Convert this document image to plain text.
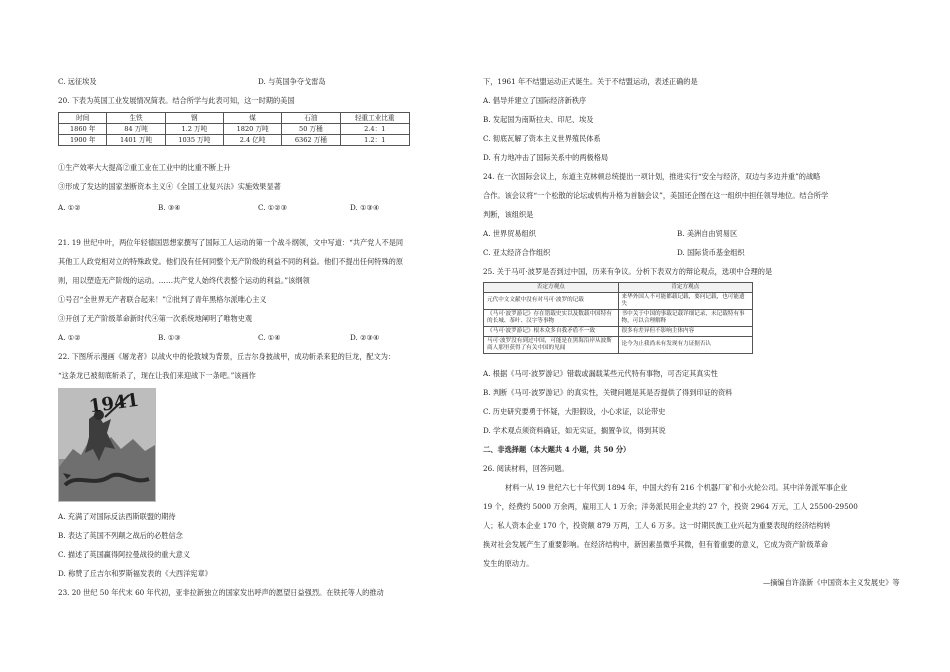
C. 远征埃及	D. 与英国争夺戈雷岛
20. 下表为英国工业发展情况简表。结合所学与此表可知，这一时期的美国
时间	生铁	钢	煤	石油	轻重工业比重
1860 年	84 万吨	1.2 万吨	1820 万吨	50 万桶	2.4：1
1900 年	1401 万吨	1035 万吨	2.4 亿吨	6362 万桶	1.2：1
①生产效率大大提高②重工业在工业中的比重不断上升
③形成了发达的国家垄断资本主义④《全国工业复兴法》实施效果显著
A. ①②	B. ③④	C. ①②③	D. ①③④
21. 19 世纪中叶，两位年轻德国思想家撰写了国际工人运动的第一个战斗纲领，文中写道：“共产党人不是同
其他工人政党相对立的特殊政党。他们没有任何同整个无产阶级的利益不同的利益。他们不提出任何特殊的原
则，用以塑造无产阶级的运动。……共产党人始终代表整个运动的利益。”该纲领
①号召“全世界无产者联合起来！”②批判了青年黑格尔派唯心主义
③开创了无产阶级革命新时代④第一次系统地阐明了唯物史观
A. ①②	B. ①③	C. ①④	D. ②③④
22. 下图所示漫画《屠龙者》以战火中的伦敦城为背景，丘吉尔身披战甲，成功斩杀来犯的巨龙，配文为：
“这条龙已被彻底斩杀了，现在让我们来迎战下一条吧。”该画作
1941
A. 充满了对国际反法西斯联盟的期待
B. 表达了英国不列颠之战后的必胜信念
C. 描述了英国赢得阿拉曼战役的重大意义
D. 称赞了丘吉尔和罗斯福发表的《大西洋宪章》
23. 20 世纪 50 年代末 60 年代初，亚非拉新独立的国家发出呼声的愿望日益强烈。在铁托等人的推动
下，1961 年不结盟运动正式诞生。关于不结盟运动，表述正确的是
A. 倡导并建立了国际经济新秩序
B. 发起国为南斯拉夫、印尼、埃及
C. 彻底瓦解了资本主义世界殖民体系
D. 有力地冲击了国际关系中的两极格局
24. 在一次国际会议上，东道主克林顿总统提出一项计划，推进实行“安全与经济，双边与多边并重”的战略
合作。该会议将“一个松散的论坛或机构升格为首脑会议”，美国还企图在这一组织中担任领导地位。结合所学
判断，该组织是
A. 世界贸易组织	B. 美洲自由贸易区
C. 亚太经济合作组织	D. 国际货币基金组织
25. 关于马可·波罗是否到过中国，历来有争议。分析下表双方的辩论观点，选项中合理的是
否定方观点	肯定方观点
元代中文文献中没有对马可·波罗的记载	来华外国人不可能都载记载，要问记载，也可能遗失
《马可·波罗游记》存在错载史实以及数载中国特有的长城、茶叶、汉字等事物	书中关于中国的事载记载详细记录，未记载特有事物，可以合理解释
《马可·波罗游记》根本众多自我矛盾不一致	很多有差异但不影响主体内容
马可·波罗没有到过中国，可能是在黑海沿岸从波斯商人那里获得了有关中国的见闻	论今为止我尚未有发现有力证据否认
A. 根据《马可·波罗游记》错载或漏载某些元代特有事物，可否定其真实性
B. 判断《马可·波罗游记》的真实性，关键问题是其是否提供了得到印证的资料
C. 历史研究要勇于怀疑，大胆假设，小心求证，以论带史
D. 学术观点须资料确证，如无实证，搁置争议，得到其说
二、非选择题（本大题共 4 小题，共 50 分）
26. 阅读材料，回答问题。
材料一从 19 世纪六七十年代到 1894 年，中国大约有 216 个机器厂矿和小火轮公司。其中洋务派军事企业
19 个，经费约 5000 万余两，雇用工人 1 万余；洋务派民用企业共约 27 个，投资 2964 万元，工人 25500-29500
人；私人资本企业 170 个，投资额 879 万两，工人 6 万多。这一时期民族工业兴起为重要表现的经济结构转
换对社会发展产生了重要影响。在经济结构中，新因素虽微乎其微，但有着重要的意义，它成为资产阶级革命
发生的原动力。
—摘编自许涤新《中国资本主义发展史》等
